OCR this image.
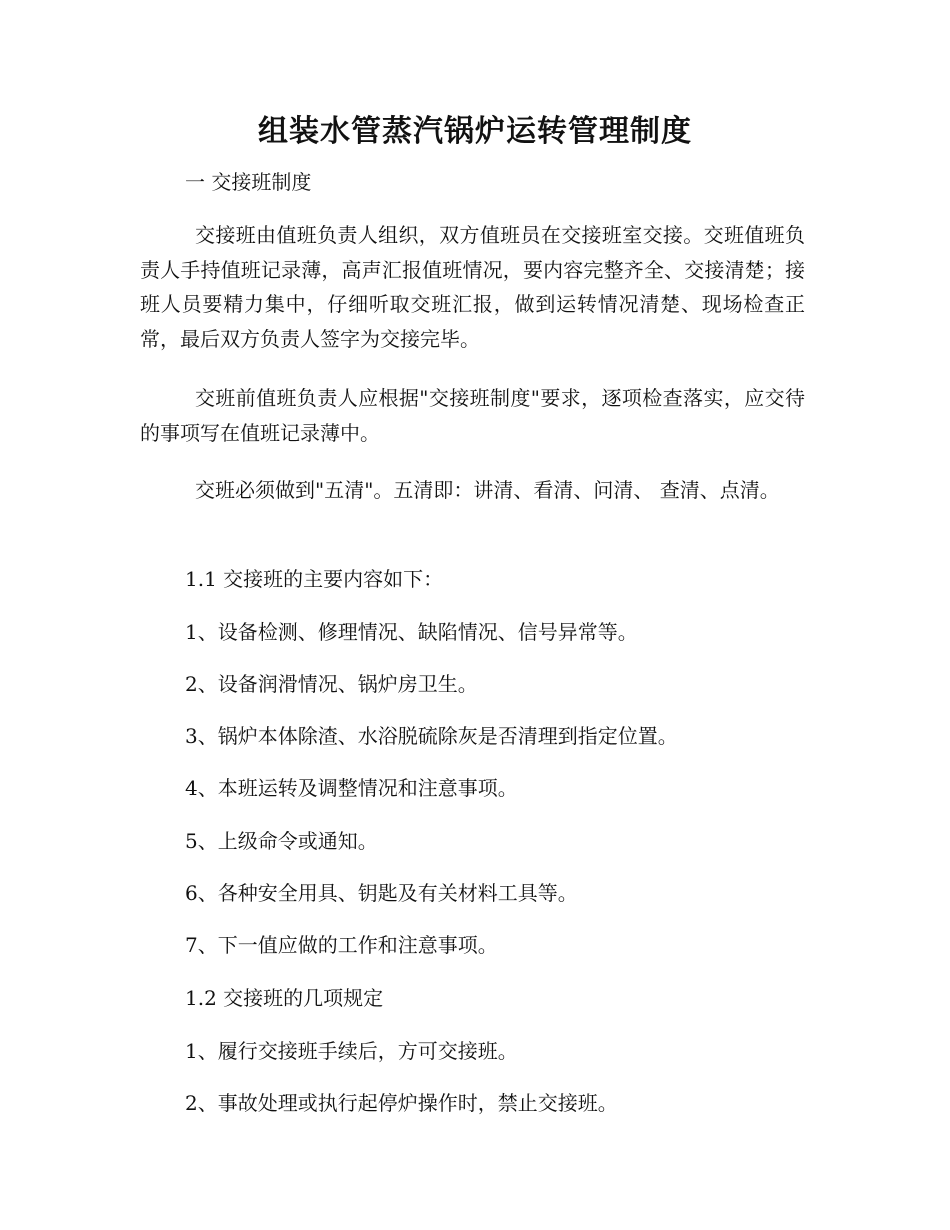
组装水管蒸汽锅炉运转管理制度

一 交接班制度

交接班由值班负责人组织，双方值班员在交接班室交接。交班值班负责人手持值班记录薄，高声汇报值班情况，要内容完整齐全、交接清楚；接班人员要精力集中，仔细听取交班汇报，做到运转情况清楚、现场检查正常，最后双方负责人签字为交接完毕。

交班前值班负责人应根据"交接班制度"要求，逐项检查落实，应交待的事项写在值班记录薄中。

交班必须做到"五清"。五清即：讲清、看清、问清、 查清、点清。

1.1 交接班的主要内容如下：

1、设备检测、修理情况、缺陷情况、信号异常等。

2、设备润滑情况、锅炉房卫生。

3、锅炉本体除渣、水浴脱硫除灰是否清理到指定位置。

4、本班运转及调整情况和注意事项。

5、上级命令或通知。

6、各种安全用具、钥匙及有关材料工具等。

7、下一值应做的工作和注意事项。

1.2 交接班的几项规定

1、履行交接班手续后，方可交接班。

2、事故处理或执行起停炉操作时，禁止交接班。
